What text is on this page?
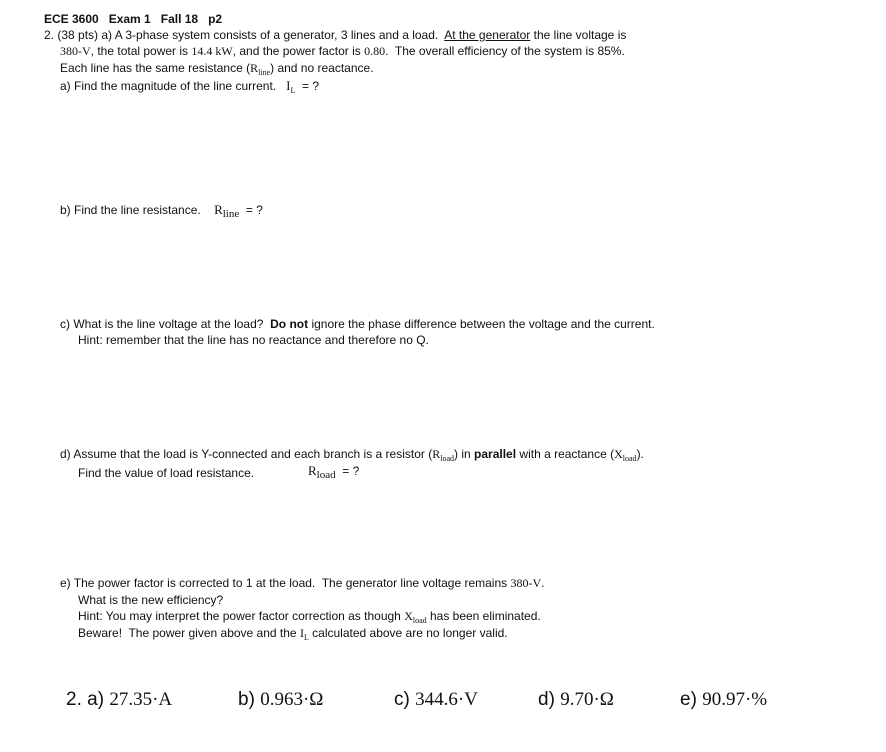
ECE 3600   Exam 1   Fall 18   p2
2. (38 pts) a) A 3-phase system consists of a generator, 3 lines and a load.  At the generator the line voltage is
380-V, the total power is 14.4 kW, and the power factor is 0.80.  The overall efficiency of the system is 85%.
Each line has the same resistance $(R_{line})$ and no reactance.
a) Find the magnitude of the line current.   $I_L$  = ?
b) Find the line resistance.    Rline  = ?
c) What is the line voltage at the load?  Do not ignore the phase difference between the voltage and the current.
Hint: remember that the line has no reactance and therefore no Q.
d) Assume that the load is Y-connected and each branch is a resistor $(R_{load})$ in parallel with a reactance $(X_{load})$.
Find the value of load resistance.	Rload  = ?
e) The power factor is corrected to 1 at the load.  The generator line voltage remains 380-V.
What is the new efficiency?
Hint: You may interpret the power factor correction as though $X_{load}$ has been eliminated.
Beware!  The power given above and the $I_L$ calculated above are no longer valid.
2. a) 27.35·A	b) 0.963·Ω	c) 344.6·V	d) 9.70·Ω	e) 90.97·%
